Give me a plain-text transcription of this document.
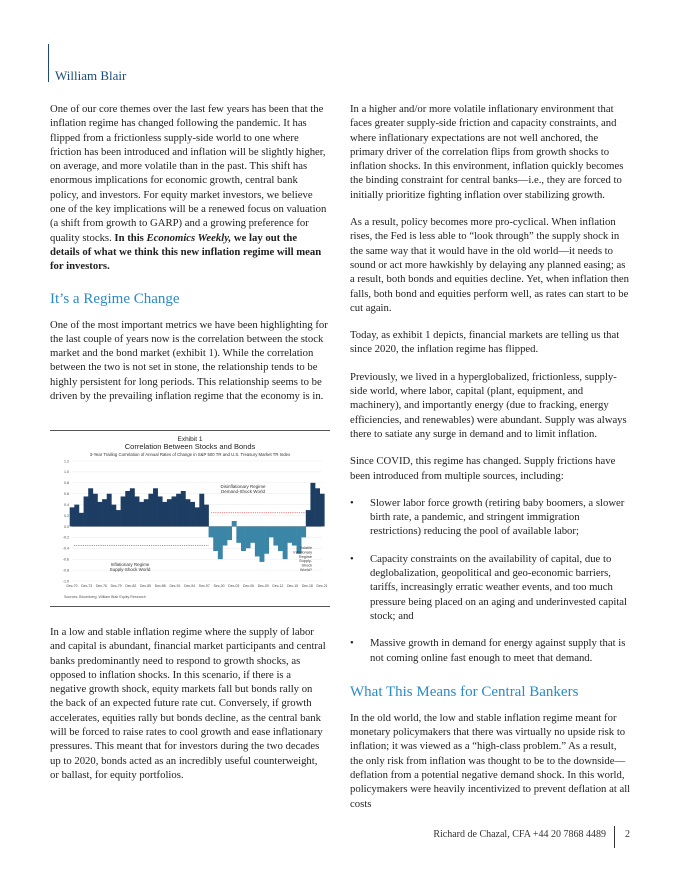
William Blair

One of our core themes over the last few years has been that the inflation regime has changed following the pandemic. It has flipped from a frictionless supply-side world to one where friction has been introduced and inflation will be slightly higher, on average, and more volatile than in the past. This shift has enormous implications for economic growth, central bank policy, and investors. For equity market investors, we believe one of the key implications will be a renewed focus on valuation (a shift from growth to GARP) and a growing preference for quality stocks. In this Economics Weekly, we lay out the details of what we think this new inflation regime will mean for investors.

It’s a Regime Change

One of the most important metrics we have been highlighting for the last couple of years now is the correlation between the stock market and the bond market (exhibit 1). While the correlation between the two is not set in stone, the relationship tends to be highly persistent for long periods. This relationship seems to be driven by the prevailing inflation regime that the economy is in.

Exhibit 1
Correlation Between Stocks and Bonds
3-Year Trailing Correlation of Annual Rates of Change in S&P 500 TR and U.S. Treasury Market TR Index
1.2
1.0
0.8
0.6
0.4
0.2
0.0
-0.2
-0.4
-0.6
-0.8
-1.0
Dec-70 Dec-73 Dec-76 Dec-79 Dec-82 Dec-85 Dec-88 Dec-91 Dec-94 Dec-97 Dec-00 Dec-03 Dec-06 Dec-09 Dec-12 Dec-15 Dec-18 Dec-21
Disinflationary Regime Demand-Shock World
Inflationary Regime Supply-Shock World
Volatile Inflationary Regime Supply-Shock World?
Sources: Bloomberg, William Blair Equity Research

In a low and stable inflation regime where the supply of labor and capital is abundant, financial market participants and central banks predominantly need to respond to growth shocks, as opposed to inflation shocks. In this scenario, if there is a negative growth shock, equity markets fall but bonds rally on the back of an expected future rate cut. Conversely, if growth accelerates, equities rally but bonds decline, as the central bank will be forced to raise rates to cool growth and ease inflationary pressures. This meant that for investors during the two decades up to 2020, bonds acted as an incredibly useful counterweight, or ballast, for equity portfolios.

In a higher and/or more volatile inflationary environment that faces greater supply-side friction and capacity constraints, and where inflationary expectations are not well anchored, the primary driver of the correlation flips from growth shocks to inflation shocks. In this environment, inflation quickly becomes the binding constraint for central banks—i.e., they are forced to initially prioritize fighting inflation over stabilizing growth.

As a result, policy becomes more pro-cyclical. When inflation rises, the Fed is less able to “look through” the supply shock in the same way that it would have in the old world—it needs to sound or act more hawkishly by delaying any planned easing; as a result, both bonds and equities decline. Yet, when inflation then falls, both bond and equities perform well, as rates can start to be cut again.

Today, as exhibit 1 depicts, financial markets are telling us that since 2020, the inflation regime has flipped.

Previously, we lived in a hyperglobalized, frictionless, supply-side world, where labor, capital (plant, equipment, and machinery), and importantly energy (due to fracking, energy efficiencies, and renewables) were abundant. Supply was always there to satiate any surge in demand and to limit inflation.

Since COVID, this regime has changed. Supply frictions have been introduced from multiple sources, including:

• Slower labor force growth (retiring baby boomers, a slower birth rate, a pandemic, and stringent immigration restrictions) reducing the pool of available labor;
• Capacity constraints on the availability of capital, due to deglobalization, geopolitical and geo-economic barriers, tariffs, increasingly erratic weather events, and too much pressure being placed on an aging and underinvested capital stock; and
• Massive growth in demand for energy against supply that is not coming online fast enough to meet that demand.
What This Means for Central Bankers

In the old world, the low and stable inflation regime meant for monetary policymakers that there was virtually no upside risk to inflation; it was viewed as a “high-class problem.” As a result, the only risk from inflation was thought to be to the downside—deflation from a potential negative demand shock. In this world, policymakers were heavily incentivized to prevent deflation at all costs

Richard de Chazal, CFA +44 20 7868 4489 2
